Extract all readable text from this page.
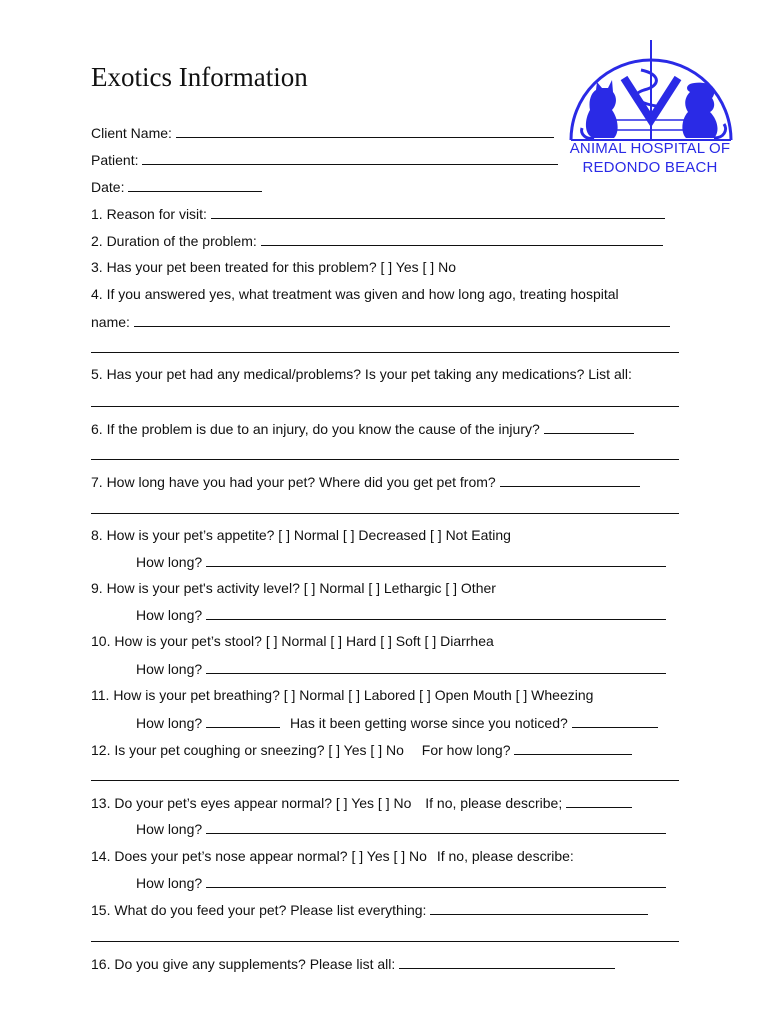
Exotics Information
ANIMAL HOSPITAL OF
REDONDO BEACH
Client Name:
Patient:
Date:
1. Reason for visit:
2. Duration of the problem:
3. Has your pet been treated for this problem? [ ] Yes [ ] No
4. If you answered yes, what treatment was given and how long ago, treating hospital
name:
5. Has your pet had any medical/problems? Is your pet taking any medications? List all:
6. If the problem is due to an injury, do you know the cause of the injury?
7. How long have you had your pet? Where did you get pet from?
8. How is your pet’s appetite? [ ] Normal [ ] Decreased [ ] Not Eating
How long?
9. How is your pet's activity level? [ ] Normal [ ] Lethargic [ ] Other
How long?
10. How is your pet’s stool? [ ] Normal [ ] Hard [ ] Soft [ ] Diarrhea
How long?
11. How is your pet breathing? [ ] Normal [ ] Labored [ ] Open Mouth [ ] Wheezing
How long?	Has it been getting worse since you noticed?
12. Is your pet coughing or sneezing? [ ] Yes [ ] No For how long?
13. Do your pet’s eyes appear normal? [ ] Yes [ ] No If no, please describe;
How long?
14. Does your pet’s nose appear normal? [ ] Yes [ ] No If no, please describe:
How long?
15. What do you feed your pet? Please list everything:
16. Do you give any supplements? Please list all:
